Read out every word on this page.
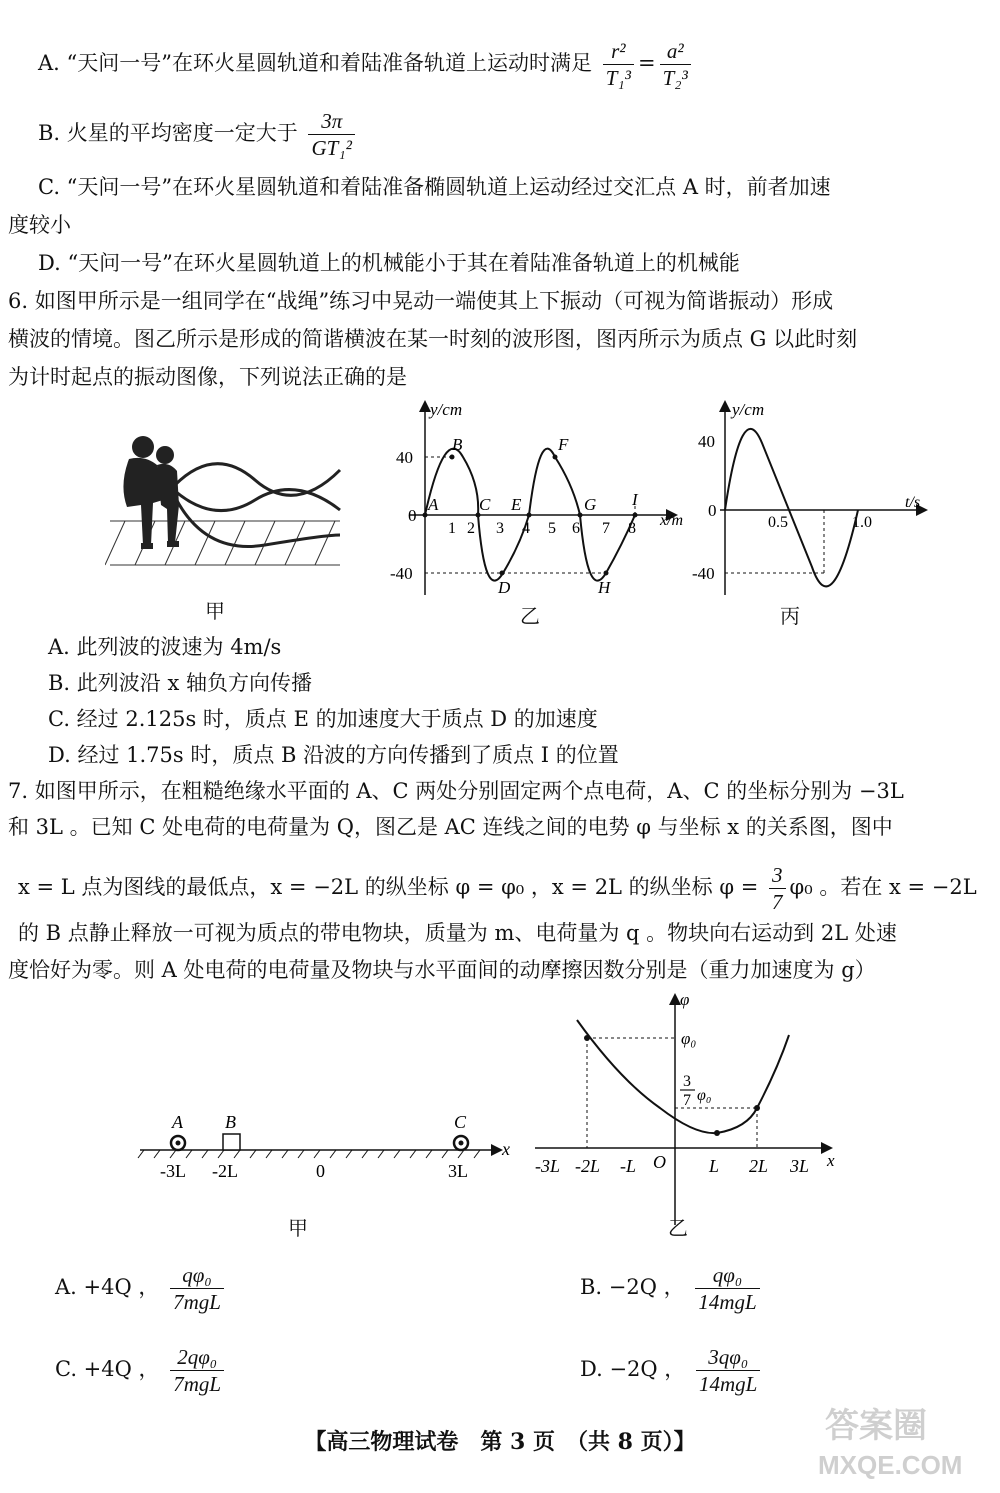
A. “天问一号”在环火星圆轨道和着陆准备轨道上运动时满足 $\frac{\text{r²}}{\text{T₁³}} = \frac{\text{a²}}{\text{T₂³}}$
B. 火星的平均密度一定大于 $\frac{3\pi}{\text{GT₁²}}$
C. “天问一号”在环火星圆轨道和着陆准备椭圆轨道上运动经过交汇点 A 时，前者加速
度较小
D. “天问一号”在环火星圆轨道上的机械能小于其在着陆准备轨道上的机械能
6. 如图甲所示是一组同学在“战绳”练习中晃动一端使其上下振动（可视为简谐振动）形成
横波的情境。图乙所示是形成的简谐横波在某一时刻的波形图，图丙所示为质点 G 以此时刻
为计时起点的振动图像，下列说法正确的是
甲
y/cm
x/m
40
0
-40
1 2 3 4 5 6 7 8
A
B
C
D
E
F
G
H
I
乙
y/cm
t/s
40
0
-40
0.5	1.0
丙
A. 此列波的波速为 4m/s
B. 此列波沿 x 轴负方向传播
C. 经过 2.125s 时，质点 E 的加速度大于质点 D 的加速度
D. 经过 1.75s 时，质点 B 沿波的方向传播到了质点 I 的位置
7. 如图甲所示，在粗糙绝缘水平面的 A、C 两处分别固定两个点电荷，A、C 的坐标分别为 −3L
和 3L 。已知 C 处电荷的电荷量为 Q，图乙是 AC 连线之间的电势 φ 与坐标 x 的关系图，图中
x = L 点为图线的最低点，x = −2L 的纵坐标 φ = φ₀ ，x = 2L 的纵坐标 $\varphi = \frac{3}{7} \varphi_0$ 。若在 x = −2L
的 B 点静止释放一可视为质点的带电物块，质量为 m、电荷量为 q 。物块向右运动到 2L 处速
度恰好为零。则 A 处电荷的电荷量及物块与水平面间的动摩擦因数分别是（重力加速度为 g）
A B	C
x
-3L -2L	0	3L
甲
φ
x
φ₀
3
7 φ₀
-3L -2L -L O L 2L 3L
乙
A. +4Q ， $\frac{\text{qφ₀}}{\text{7mgL}}$	B. −2Q ， $\frac{\text{qφ₀}}{\text{14mgL}}$
C. +4Q ， $\frac{\text{2qφ₀}}{\text{7mgL}}$	D. −2Q ， $\frac{\text{3qφ₀}}{\text{14mgL}}$
【高三物理试卷　第 3 页　（共 8 页）】	答案圈
MXQE.COM
